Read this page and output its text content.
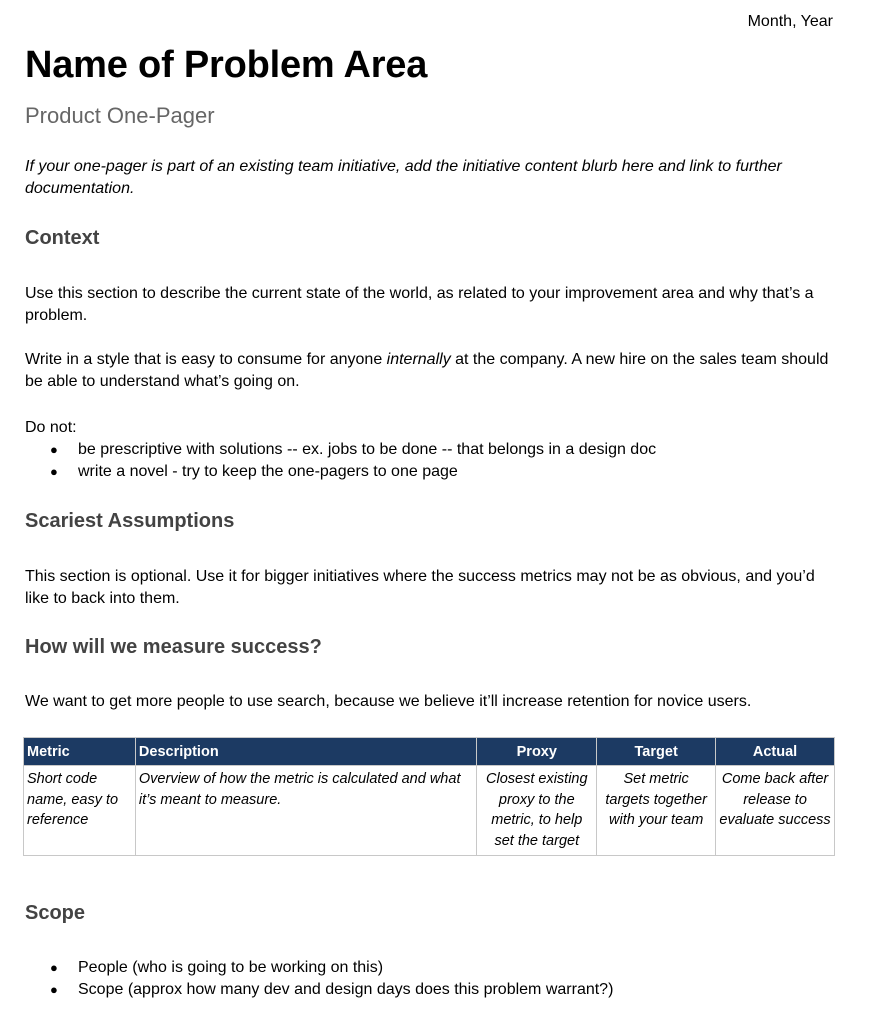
Month, Year
Name of Problem Area
Product One-Pager

If your one-pager is part of an existing team initiative, add the initiative content blurb here and link to further documentation.

Context

Use this section to describe the current state of the world, as related to your improvement area and why that’s a problem.

Write in a style that is easy to consume for anyone internally at the company. A new hire on the sales team should be able to understand what’s going on.

Do not:

● be prescriptive with solutions -- ex. jobs to be done -- that belongs in a design doc
● write a novel - try to keep the one-pagers to one page
Scariest Assumptions

This section is optional. Use it for bigger initiatives where the success metrics may not be as obvious, and you’d like to back into them.

How will we measure success?

We want to get more people to use search, because we believe it’ll increase retention for novice users.

Metric	Description	Proxy	Target	Actual
Short code name, easy to reference	Overview of how the metric is calculated and what it’s meant to measure.	Closest existing proxy to the metric, to help set the target	Set metric targets together with your team	Come back after release to evaluate success
Scope
● People (who is going to be working on this)
● Scope (approx how many dev and design days does this problem warrant?)
